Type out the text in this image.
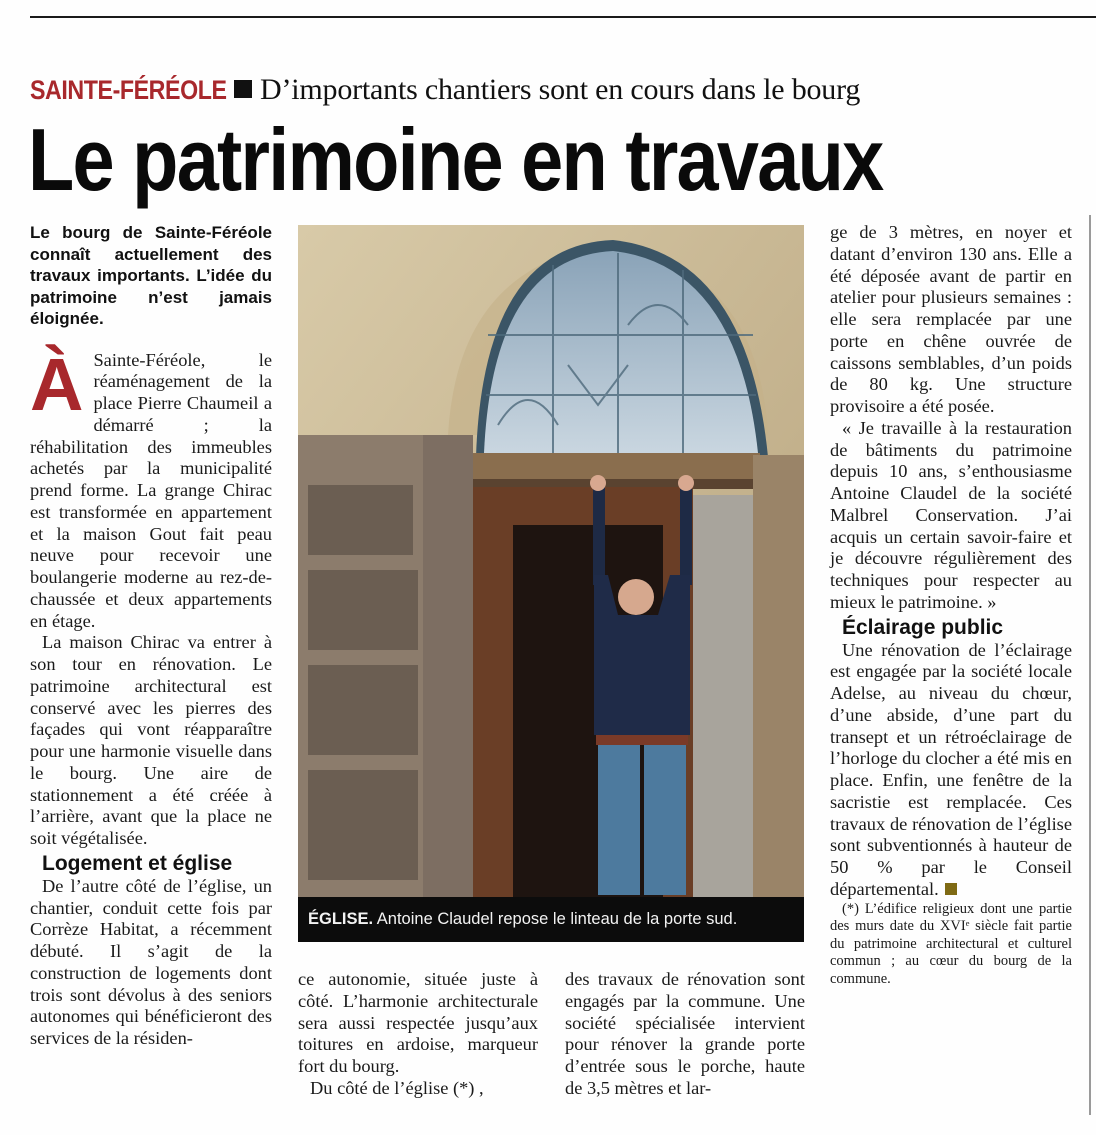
SAINTE-FÉRÉOLE D’importants chantiers sont en cours dans le bourg
Le patrimoine en travaux
Le bourg de Sainte-Féréole connaît actuellement des travaux importants. L’idée du patrimoine n’est jamais éloignée.

À Sainte-Féréole, le réaménagement de la place Pierre Chaumeil a démarré ; la réhabilitation des immeubles achetés par la municipalité prend forme. La grange Chirac est transformée en appartement et la maison Gout fait peau neuve pour recevoir une boulangerie moderne au rez-de-chaussée et deux appartements en étage.

La maison Chirac va entrer à son tour en rénovation. Le patrimoine architectural est conservé avec les pierres des façades qui vont réapparaître pour une harmonie visuelle dans le bourg. Une aire de stationnement a été créée à l’arrière, avant que la place ne soit végétalisée.

Logement et église

De l’autre côté de l’église, un chantier, conduit cette fois par Corrèze Habitat, a récemment débuté. Il s’agit de la construction de logements dont trois sont dévolus à des seniors autonomes qui bénéficieront des services de la résiden-

ÉGLISE. Antoine Claudel repose le linteau de la porte sud.

ce autonomie, située juste à côté. L’harmonie architecturale sera aussi respectée jusqu’aux toitures en ardoise, marqueur fort du bourg.

Du côté de l’église (*) ,

des travaux de rénovation sont engagés par la commune. Une société spécialisée intervient pour rénover la grande porte d’entrée sous le porche, haute de 3,5 mètres et lar-

ge de 3 mètres, en noyer et datant d’environ 130 ans. Elle a été déposée avant de partir en atelier pour plusieurs semaines : elle sera remplacée par une porte en chêne ouvrée de caissons semblables, d’un poids de 80 kg. Une structure provisoire a été posée.

« Je travaille à la restauration de bâtiments du patrimoine depuis 10 ans, s’enthousiasme Antoine Claudel de la société Malbrel Conservation. J’ai acquis un certain savoir-faire et je découvre régulièrement des techniques pour respecter au mieux le patrimoine. »

Éclairage public

Une rénovation de l’éclairage est engagée par la société locale Adelse, au niveau du chœur, d’une abside, d’une part du transept et un rétroéclairage de l’horloge du clocher a été mis en place. Enfin, une fenêtre de la sacristie est remplacée. Ces travaux de rénovation de l’église sont subventionnés à hauteur de 50 % par le Conseil départemental.

(*) L’édifice religieux dont une partie des murs date du XVIᵉ siècle fait partie du patrimoine architectural et culturel commun ; au cœur du bourg de la commune.
